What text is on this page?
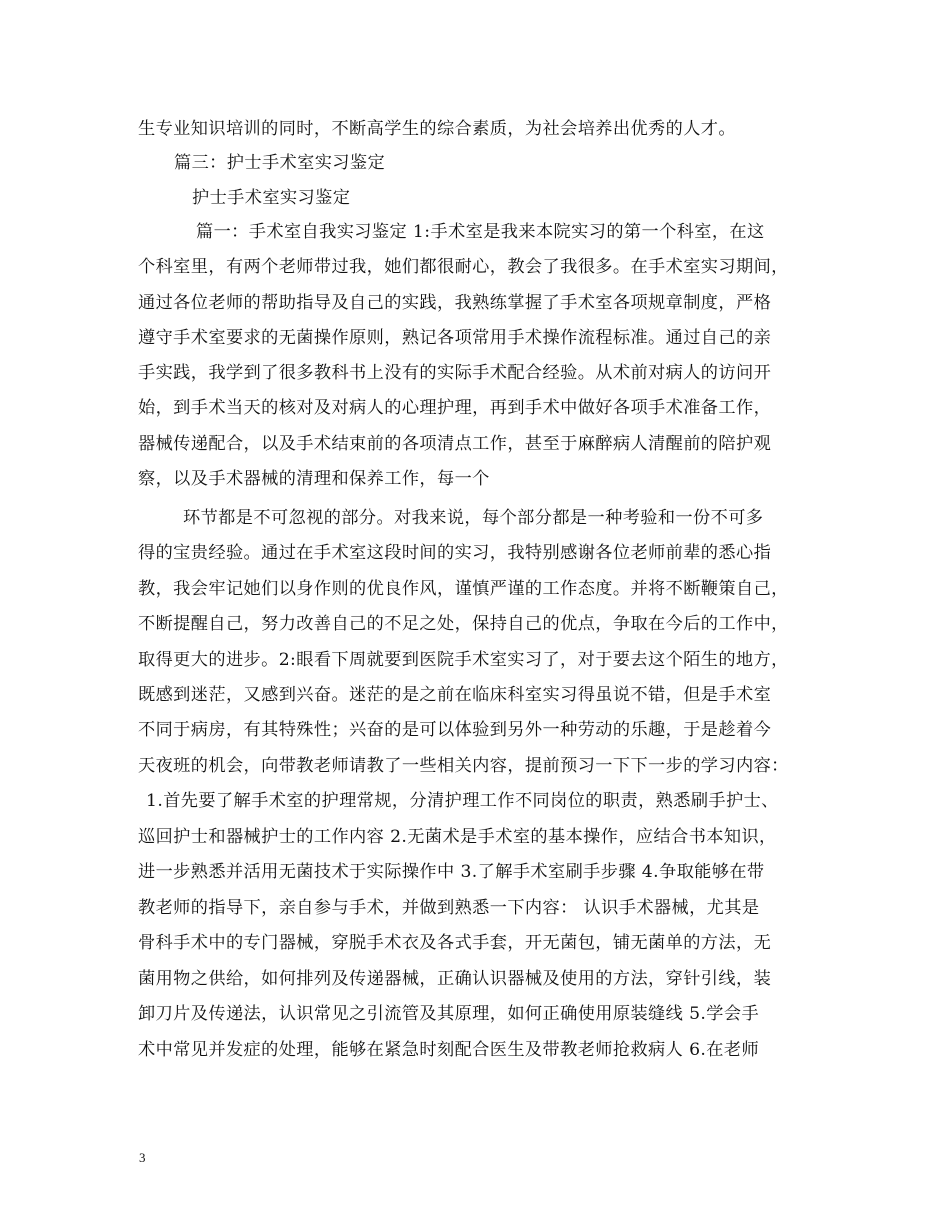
生专业知识培训的同时，不断高学生的综合素质，为社会培养出优秀的人才。
篇三：护士手术室实习鉴定
护士手术室实习鉴定
篇一：手术室自我实习鉴定 1:手术室是我来本院实习的第一个科室，在这
个科室里，有两个老师带过我，她们都很耐心，教会了我很多。在手术室实习期间，
通过各位老师的帮助指导及自己的实践，我熟练掌握了手术室各项规章制度，严格
遵守手术室要求的无菌操作原则，熟记各项常用手术操作流程标准。通过自己的亲
手实践，我学到了很多教科书上没有的实际手术配合经验。从术前对病人的访问开
始，到手术当天的核对及对病人的心理护理，再到手术中做好各项手术准备工作，
器械传递配合，以及手术结束前的各项清点工作，甚至于麻醉病人清醒前的陪护观
察，以及手术器械的清理和保养工作，每一个
环节都是不可忽视的部分。对我来说，每个部分都是一种考验和一份不可多
得的宝贵经验。通过在手术室这段时间的实习，我特别感谢各位老师前辈的悉心指
教，我会牢记她们以身作则的优良作风，谨慎严谨的工作态度。并将不断鞭策自己，
不断提醒自己，努力改善自己的不足之处，保持自己的优点，争取在今后的工作中，
取得更大的进步。2:眼看下周就要到医院手术室实习了，对于要去这个陌生的地方，
既感到迷茫，又感到兴奋。迷茫的是之前在临床科室实习得虽说不错，但是手术室
不同于病房，有其特殊性；兴奋的是可以体验到另外一种劳动的乐趣，于是趁着今
天夜班的机会，向带教老师请教了一些相关内容，提前预习一下下一步的学习内容：
1.首先要了解手术室的护理常规，分清护理工作不同岗位的职责，熟悉刷手护士、
巡回护士和器械护士的工作内容 2.无菌术是手术室的基本操作，应结合书本知识，
进一步熟悉并活用无菌技术于实际操作中 3.了解手术室刷手步骤 4.争取能够在带
教老师的指导下，亲自参与手术，并做到熟悉一下内容： 认识手术器械，尤其是
骨科手术中的专门器械，穿脱手术衣及各式手套，开无菌包，铺无菌单的方法，无
菌用物之供给，如何排列及传递器械，正确认识器械及使用的方法，穿针引线，装
卸刀片及传递法，认识常见之引流管及其原理，如何正确使用原装缝线 5.学会手
术中常见并发症的处理，能够在紧急时刻配合医生及带教老师抢救病人 6.在老师
3
